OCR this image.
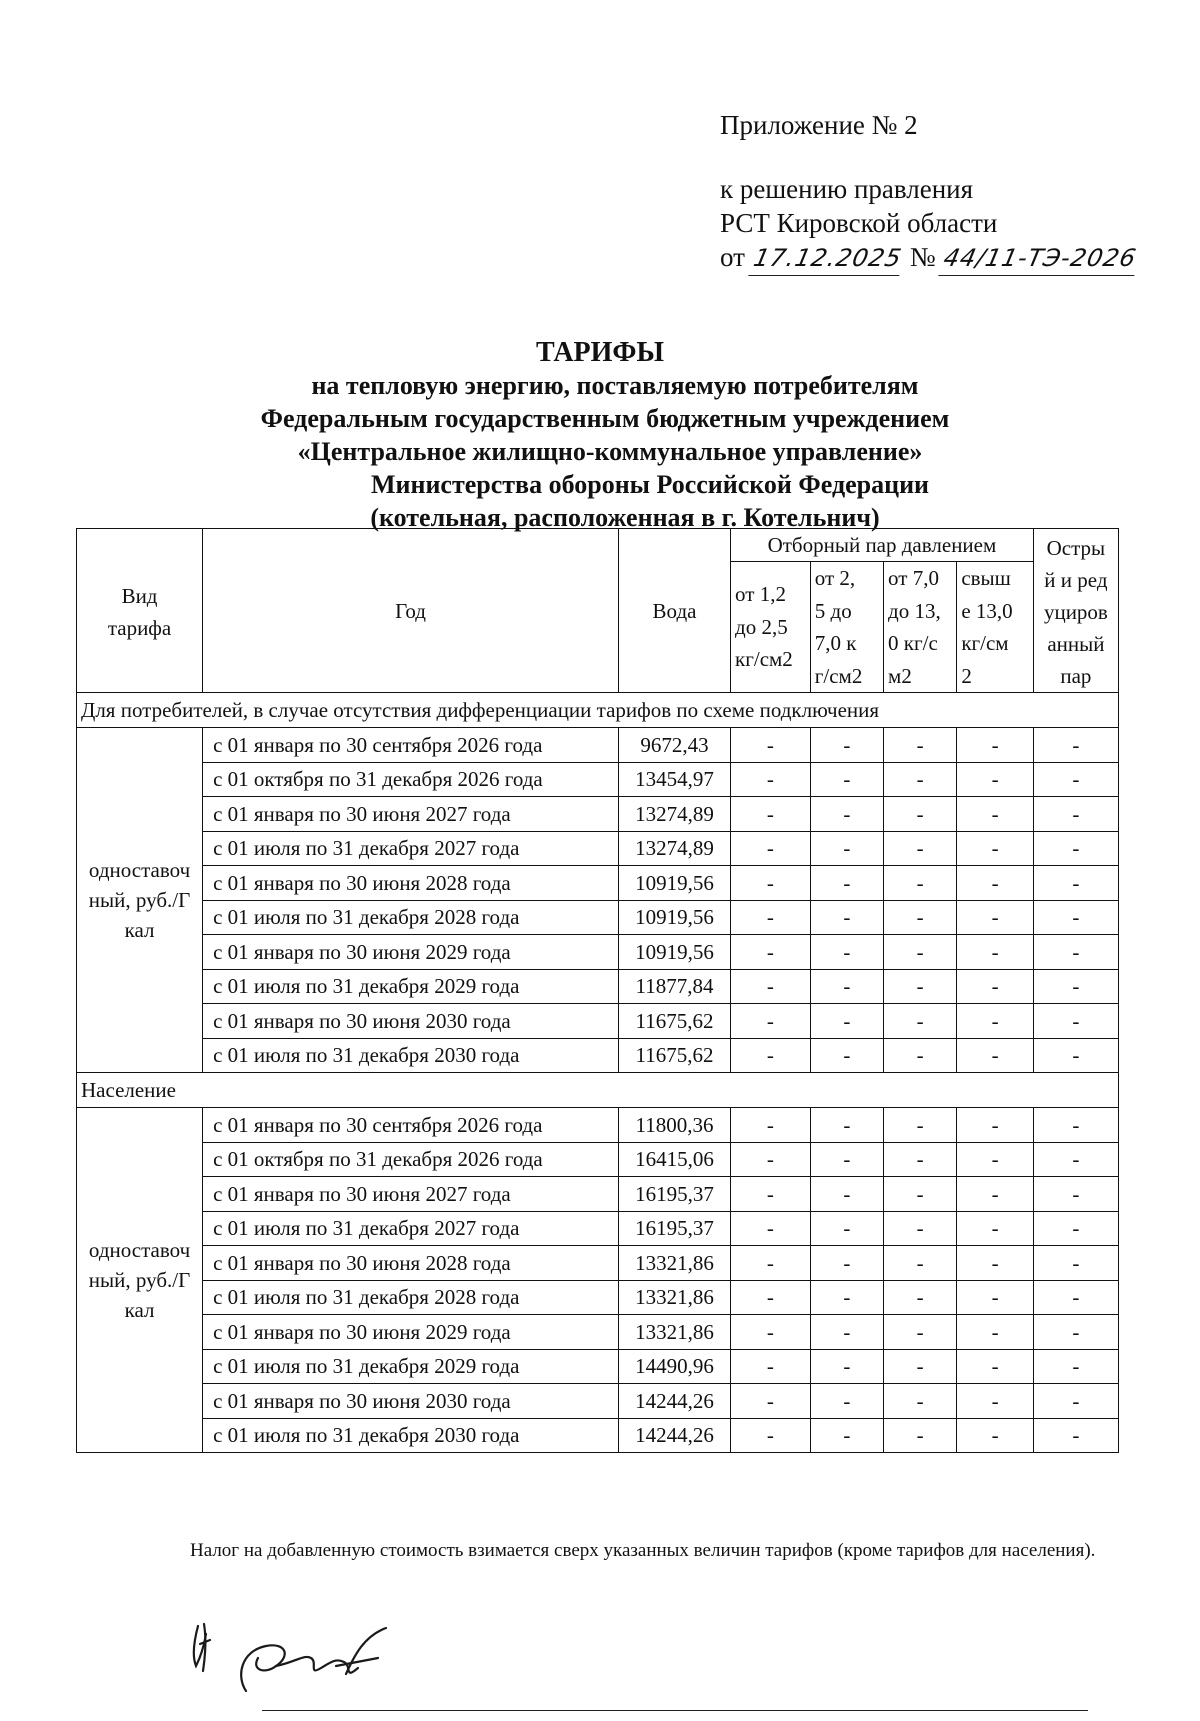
Приложение № 2
к решению правления
РСТ Кировской области
от 17.12.2025 № 44/11-ТЭ-2026
ТАРИФЫ
на тепловую энергию, поставляемую потребителям
Федеральным государственным бюджетным учреждением
«Центральное жилищно-коммунальное управление»
Министерства обороны Российской Федерации
(котельная, расположенная в г. Котельнич)
Вид тарифа	Год	Вода	Отборный пар давлением				Острый и редуцированный пар
			от 1,2 до 2,5 кг/см2	от 2,5 до 7,0 кг/см2	от 7,0 до 13,0 кг/см2	свыше 13,0 кг/см2	
Для потребителей, в случае отсутствия дифференциации тарифов по схеме подключения							
одноставочный, руб./Гкал	с 01 января по 30 сентября 2026 года	9672,43	-	-	-	-	-
	с 01 октября по 31 декабря 2026 года	13454,97	-	-	-	-	-
	с 01 января по 30 июня 2027 года	13274,89	-	-	-	-	-
	с 01 июля по 31 декабря 2027 года	13274,89	-	-	-	-	-
	с 01 января по 30 июня 2028 года	10919,56	-	-	-	-	-
	с 01 июля по 31 декабря 2028 года	10919,56	-	-	-	-	-
	с 01 января по 30 июня 2029 года	10919,56	-	-	-	-	-
	с 01 июля по 31 декабря 2029 года	11877,84	-	-	-	-	-
	с 01 января по 30 июня 2030 года	11675,62	-	-	-	-	-
	с 01 июля по 31 декабря 2030 года	11675,62	-	-	-	-	-
Население							
одноставочный, руб./Гкал	с 01 января по 30 сентября 2026 года	11800,36	-	-	-	-	-
	с 01 октября по 31 декабря 2026 года	16415,06	-	-	-	-	-
	с 01 января по 30 июня 2027 года	16195,37	-	-	-	-	-
	с 01 июля по 31 декабря 2027 года	16195,37	-	-	-	-	-
	с 01 января по 30 июня 2028 года	13321,86	-	-	-	-	-
	с 01 июля по 31 декабря 2028 года	13321,86	-	-	-	-	-
	с 01 января по 30 июня 2029 года	13321,86	-	-	-	-	-
	с 01 июля по 31 декабря 2029 года	14490,96	-	-	-	-	-
	с 01 января по 30 июня 2030 года	14244,26	-	-	-	-	-
	с 01 июля по 31 декабря 2030 года	14244,26	-	-	-	-	-
Налог на добавленную стоимость взимается сверх указанных величин тарифов (кроме тарифов для населения).
